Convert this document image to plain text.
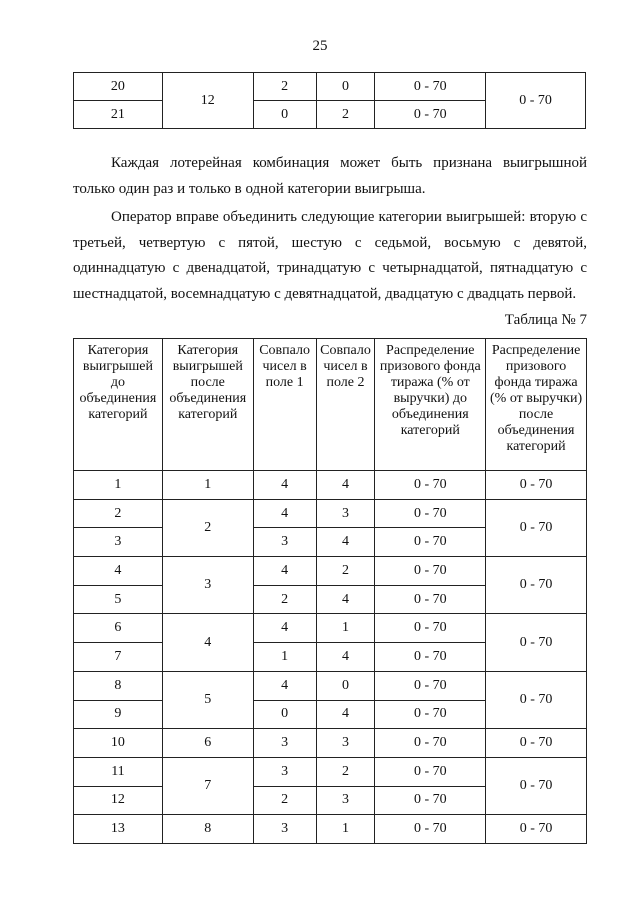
25
20	12	2	0	0 - 70	0 - 70
21		0	2	0 - 70	
Каждая лотерейная комбинация может быть признана выигрышной только один раз и только в одной категории выигрыша.
Оператор вправе объединить следующие категории выигрышей: вторую с третьей, четвертую с пятой, шестую с седьмой, восьмую с девятой, одиннадцатую с двенадцатой, тринадцатую с четырнадцатой, пятнадцатую с шестнадцатой, восемнадцатую с девятнадцатой, двадцатую с двадцать первой.
Таблица № 7
Категория выигрышей до объединения категорий	Категория выигрышей после объединения категорий	Совпало чисел в поле 1	Совпало чисел в поле 2	Распределение призового фонда тиража (% от выручки) до объединения категорий	Распределение призового фонда тиража (% от выручки) после объединения категорий
1	1	4	4	0 - 70	0 - 70
2	2	4	3	0 - 70	0 - 70
3		3	4	0 - 70	
4	3	4	2	0 - 70	0 - 70
5		2	4	0 - 70	
6	4	4	1	0 - 70	0 - 70
7		1	4	0 - 70	
8	5	4	0	0 - 70	0 - 70
9		0	4	0 - 70	
10	6	3	3	0 - 70	0 - 70
11	7	3	2	0 - 70	0 - 70
12		2	3	0 - 70	
13	8	3	1	0 - 70	0 - 70
